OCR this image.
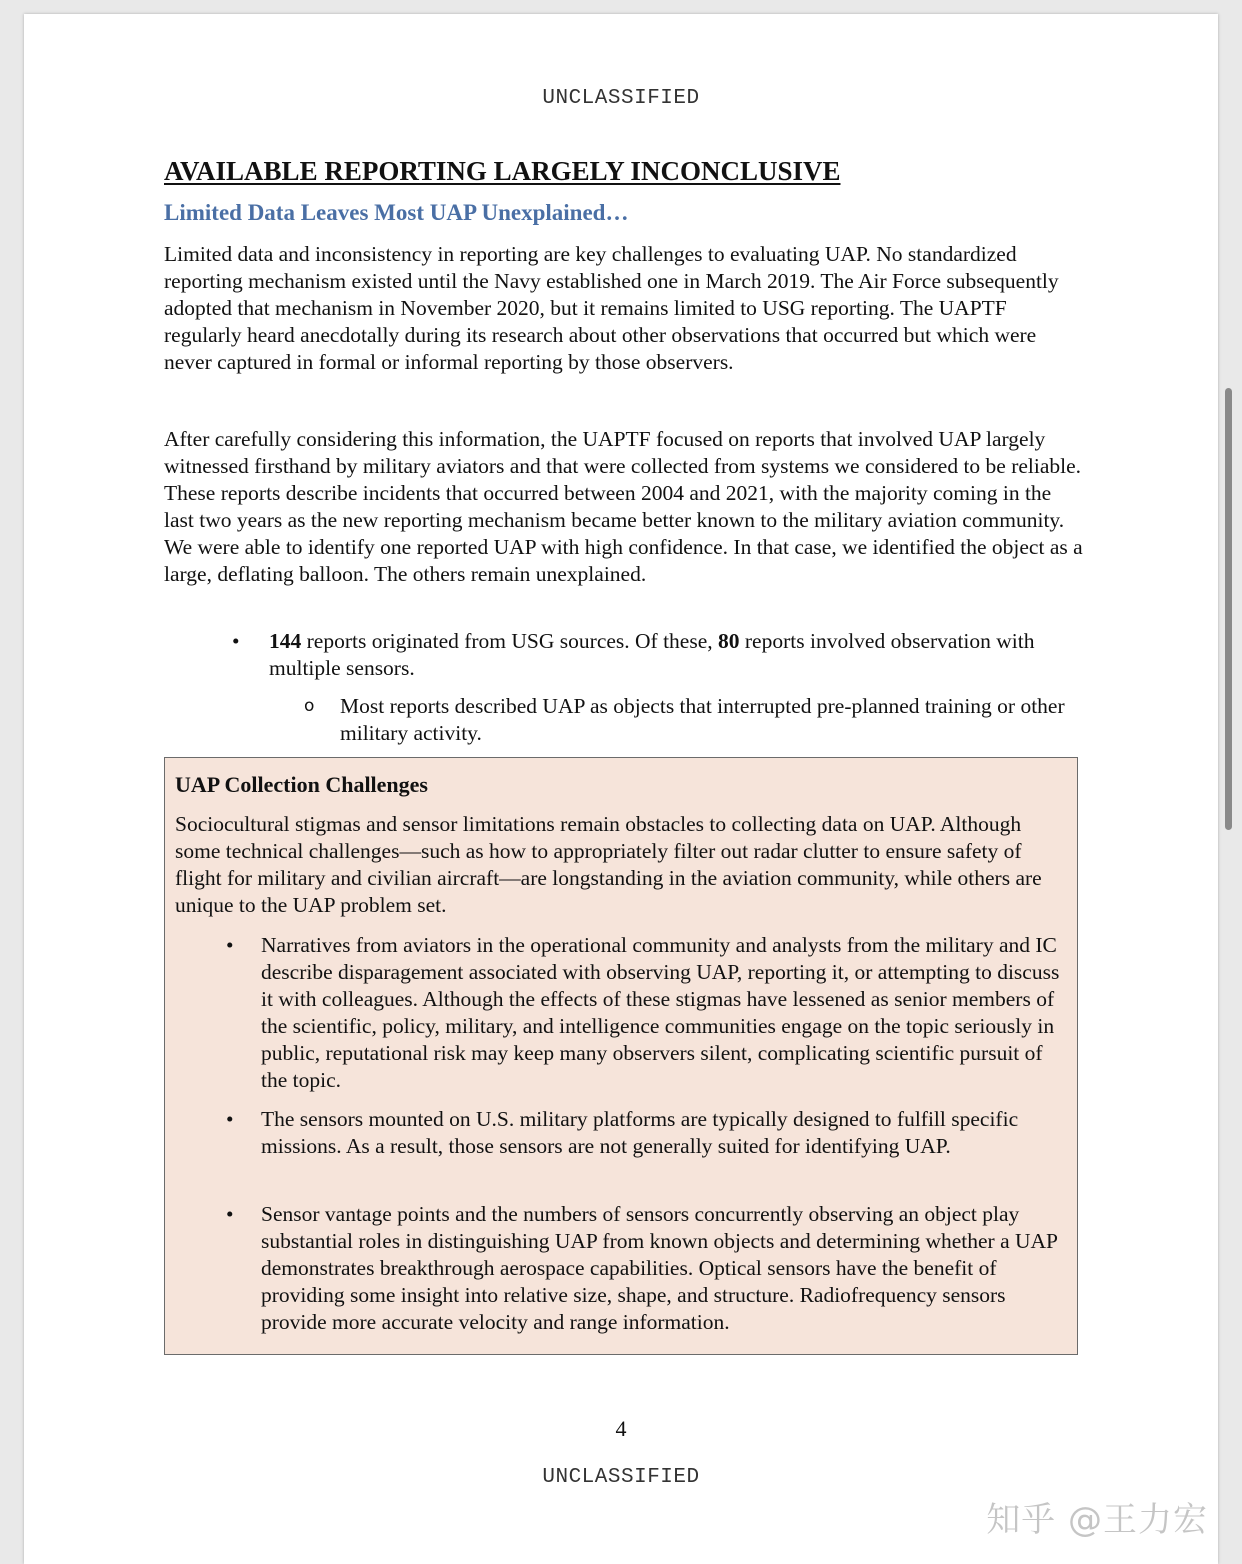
UNCLASSIFIED
AVAILABLE REPORTING LARGELY INCONCLUSIVE
Limited Data Leaves Most UAP Unexplained…

Limited data and inconsistency in reporting are key challenges to evaluating UAP. No standardized reporting mechanism existed until the Navy established one in March 2019. The Air Force subsequently adopted that mechanism in November 2020, but it remains limited to USG reporting. The UAPTF regularly heard anecdotally during its research about other observations that occurred but which were never captured in formal or informal reporting by those observers.

After carefully considering this information, the UAPTF focused on reports that involved UAP largely witnessed firsthand by military aviators and that were collected from systems we considered to be reliable. These reports describe incidents that occurred between 2004 and 2021, with the majority coming in the last two years as the new reporting mechanism became better known to the military aviation community. We were able to identify one reported UAP with high confidence. In that case, we identified the object as a large, deflating balloon. The others remain unexplained.

• 144 reports originated from USG sources. Of these, 80 reports involved observation with multiple sensors.
o Most reports described UAP as objects that interrupted pre-planned training or other military activity.
UAP Collection Challenges

Sociocultural stigmas and sensor limitations remain obstacles to collecting data on UAP. Although some technical challenges—such as how to appropriately filter out radar clutter to ensure safety of flight for military and civilian aircraft—are longstanding in the aviation community, while others are unique to the UAP problem set.

• Narratives from aviators in the operational community and analysts from the military and IC describe disparagement associated with observing UAP, reporting it, or attempting to discuss it with colleagues. Although the effects of these stigmas have lessened as senior members of the scientific, policy, military, and intelligence communities engage on the topic seriously in public, reputational risk may keep many observers silent, complicating scientific pursuit of the topic.
• The sensors mounted on U.S. military platforms are typically designed to fulfill specific missions. As a result, those sensors are not generally suited for identifying UAP.
• Sensor vantage points and the numbers of sensors concurrently observing an object play substantial roles in distinguishing UAP from known objects and determining whether a UAP demonstrates breakthrough aerospace capabilities. Optical sensors have the benefit of providing some insight into relative size, shape, and structure. Radiofrequency sensors provide more accurate velocity and range information.
4
UNCLASSIFIED
知乎 @王力宏
